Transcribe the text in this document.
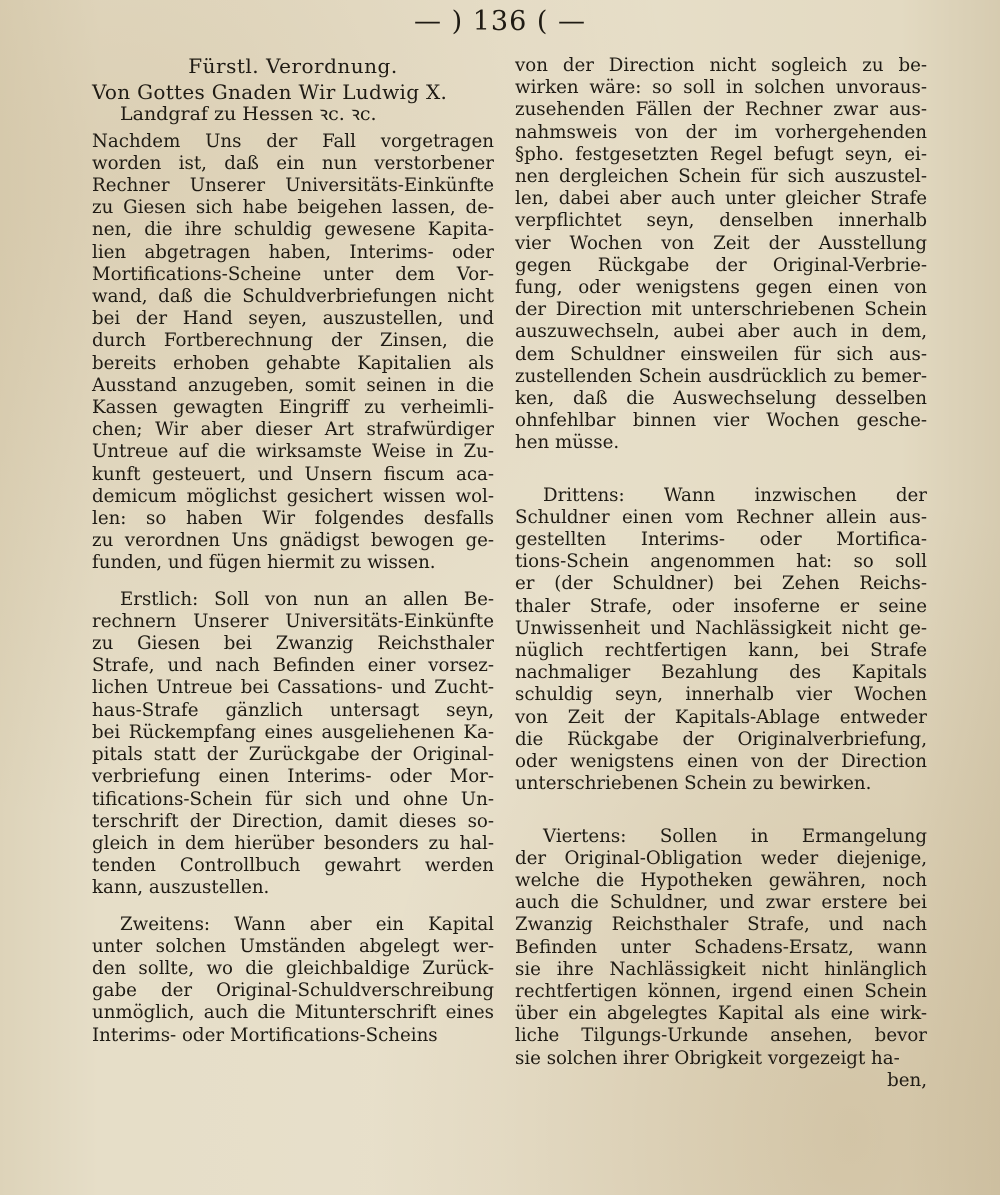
— ) 136 ( —
Fürstl. Verordnung.
Von Gottes Gnaden Wir Ludwig X.
Landgraf zu Hessen ꝛc. ꝛc.
Nachdem Uns der Fall vorgetragen
worden ist, daß ein nun verstorbener
Rechner Unserer Universitäts-Einkünfte
zu Giesen sich habe beigehen lassen, de-
nen, die ihre schuldig gewesene Kapita-
lien abgetragen haben, Interims- oder
Mortifications-Scheine unter dem Vor-
wand, daß die Schuldverbriefungen nicht
bei der Hand seyen, auszustellen, und
durch Fortberechnung der Zinsen, die
bereits erhoben gehabte Kapitalien als
Ausstand anzugeben, somit seinen in die
Kassen gewagten Eingriff zu verheimli-
chen; Wir aber dieser Art strafwürdiger
Untreue auf die wirksamste Weise in Zu-
kunft gesteuert, und Unsern fiscum aca-
demicum möglichst gesichert wissen wol-
len: so haben Wir folgendes desfalls
zu verordnen Uns gnädigst bewogen ge-
funden, und fügen hiermit zu wissen.
Erstlich: Soll von nun an allen Be-
rechnern Unserer Universitäts-Einkünfte
zu Giesen bei Zwanzig Reichsthaler
Strafe, und nach Befinden einer vorsez-
lichen Untreue bei Cassations- und Zucht-
haus-Strafe gänzlich untersagt seyn,
bei Rückempfang eines ausgeliehenen Ka-
pitals statt der Zurückgabe der Original-
verbriefung einen Interims- oder Mor-
tifications-Schein für sich und ohne Un-
terschrift der Direction, damit dieses so-
gleich in dem hierüber besonders zu hal-
tenden Controllbuch gewahrt werden
kann, auszustellen.
Zweitens: Wann aber ein Kapital
unter solchen Umständen abgelegt wer-
den sollte, wo die gleichbaldige Zurück-
gabe der Original-Schuldverschreibung
unmöglich, auch die Mitunterschrift eines
Interims- oder Mortifications-Scheins
von der Direction nicht sogleich zu be-
wirken wäre: so soll in solchen unvoraus-
zusehenden Fällen der Rechner zwar aus-
nahmsweis von der im vorhergehenden
§pho. festgesetzten Regel befugt seyn, ei-
nen dergleichen Schein für sich auszustel-
len, dabei aber auch unter gleicher Strafe
verpflichtet seyn, denselben innerhalb
vier Wochen von Zeit der Ausstellung
gegen Rückgabe der Original-Verbrie-
fung, oder wenigstens gegen einen von
der Direction mit unterschriebenen Schein
auszuwechseln, aubei aber auch in dem,
dem Schuldner einsweilen für sich aus-
zustellenden Schein ausdrücklich zu bemer-
ken, daß die Auswechselung desselben
ohnfehlbar binnen vier Wochen gesche-
hen müsse.
Drittens: Wann inzwischen der
Schuldner einen vom Rechner allein aus-
gestellten Interims- oder Mortifica-
tions-Schein angenommen hat: so soll
er (der Schuldner) bei Zehen Reichs-
thaler Strafe, oder insoferne er seine
Unwissenheit und Nachlässigkeit nicht ge-
nüglich rechtfertigen kann, bei Strafe
nachmaliger Bezahlung des Kapitals
schuldig seyn, innerhalb vier Wochen
von Zeit der Kapitals-Ablage entweder
die Rückgabe der Originalverbriefung,
oder wenigstens einen von der Direction
unterschriebenen Schein zu bewirken.
Viertens: Sollen in Ermangelung
der Original-Obligation weder diejenige,
welche die Hypotheken gewähren, noch
auch die Schuldner, und zwar erstere bei
Zwanzig Reichsthaler Strafe, und nach
Befinden unter Schadens-Ersatz, wann
sie ihre Nachlässigkeit nicht hinlänglich
rechtfertigen können, irgend einen Schein
über ein abgelegtes Kapital als eine wirk-
liche Tilgungs-Urkunde ansehen, bevor
sie solchen ihrer Obrigkeit vorgezeigt ha-
ben,
